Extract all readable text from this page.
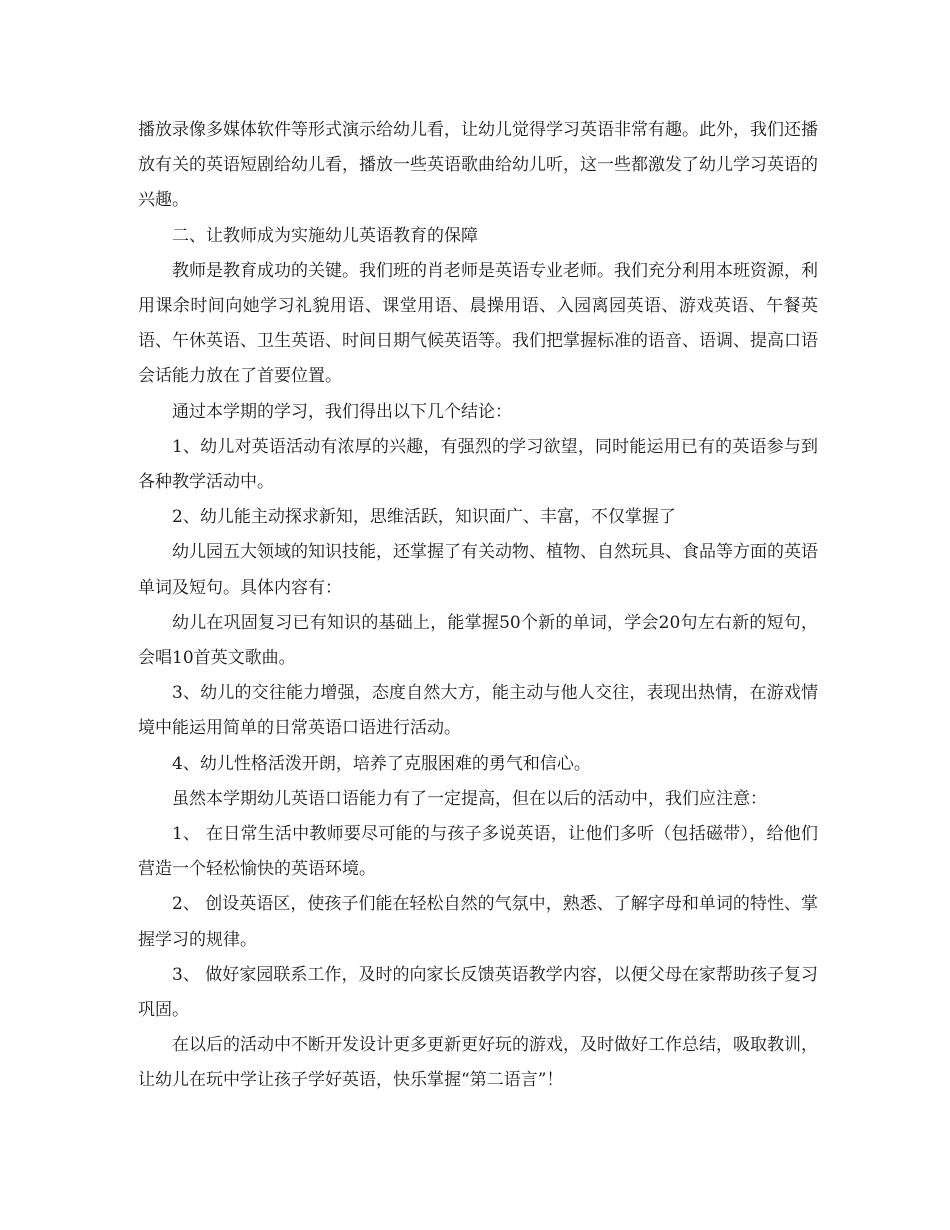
播放录像多媒体软件等形式演示给幼儿看，让幼儿觉得学习英语非常有趣。此外，我们还播放有关的英语短剧给幼儿看，播放一些英语歌曲给幼儿听，这一些都激发了幼儿学习英语的兴趣。

二、让教师成为实施幼儿英语教育的保障

教师是教育成功的关键。我们班的肖老师是英语专业老师。我们充分利用本班资源，利用课余时间向她学习礼貌用语、课堂用语、晨操用语、入园离园英语、游戏英语、午餐英语、午休英语、卫生英语、时间日期气候英语等。我们把掌握标准的语音、语调、提高口语会话能力放在了首要位置。

通过本学期的学习，我们得出以下几个结论：

1、幼儿对英语活动有浓厚的兴趣，有强烈的学习欲望，同时能运用已有的英语参与到各种教学活动中。

2、幼儿能主动探求新知，思维活跃，知识面广、丰富，不仅掌握了

幼儿园五大领域的知识技能，还掌握了有关动物、植物、自然玩具、食品等方面的英语单词及短句。具体内容有：

幼儿在巩固复习已有知识的基础上，能掌握50个新的单词，学会20句左右新的短句，会唱10首英文歌曲。

3、幼儿的交往能力增强，态度自然大方，能主动与他人交往，表现出热情，在游戏情境中能运用简单的日常英语口语进行活动。

4、幼儿性格活泼开朗，培养了克服困难的勇气和信心。

虽然本学期幼儿英语口语能力有了一定提高，但在以后的活动中，我们应注意：

1、 在日常生活中教师要尽可能的与孩子多说英语，让他们多听（包括磁带），给他们营造一个轻松愉快的英语环境。

2、 创设英语区，使孩子们能在轻松自然的气氛中，熟悉、了解字母和单词的特性、掌握学习的规律。

3、 做好家园联系工作，及时的向家长反馈英语教学内容，以便父母在家帮助孩子复习巩固。

在以后的活动中不断开发设计更多更新更好玩的游戏，及时做好工作总结，吸取教训，让幼儿在玩中学让孩子学好英语，快乐掌握“第二语言”！
